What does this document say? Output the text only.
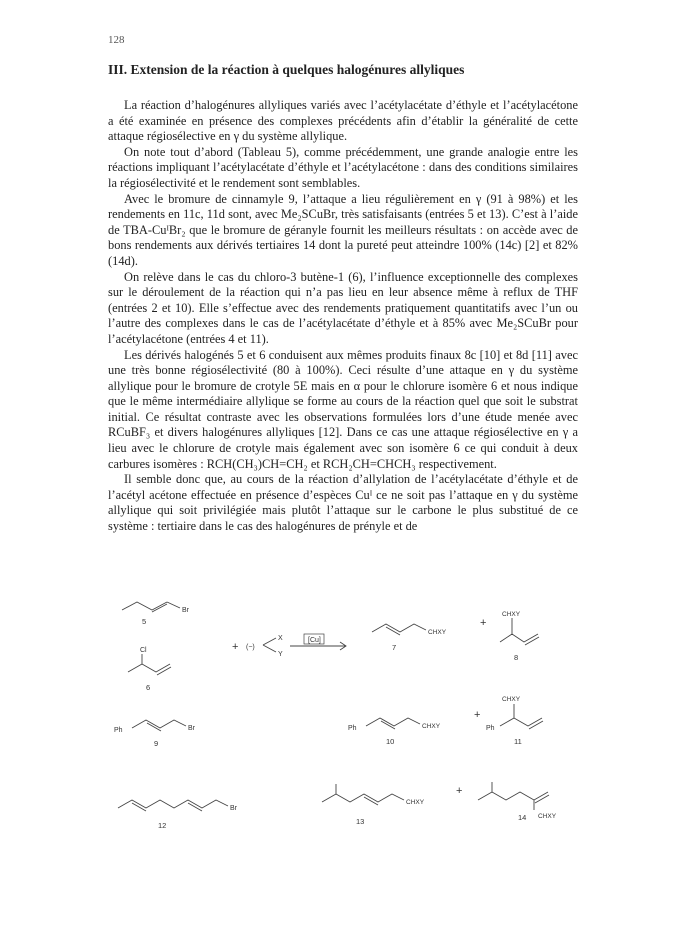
128
III. Extension de la réaction à quelques halogénures allyliques

La réaction d’halogénures allyliques variés avec l’acétylacétate d’éthyle et l’acétylacétone a été examinée en présence des complexes précédents afin d’établir la généralité de cette attaque régiosélective en γ du système allylique.

On note tout d’abord (Tableau 5), comme précédemment, une grande analogie entre les réactions impliquant l’acétylacétate d’éthyle et l’acétylacétone : dans des conditions similaires la régiosélectivité et le rendement sont semblables.

Avec le bromure de cinnamyle 9, l’attaque a lieu régulièrement en γ (91 à 98%) et les rendements en 11c, 11d sont, avec Me₂SCuBr, très satisfaisants (entrées 5 et 13). C’est à l’aide de TBA-CuᴵBr₂ que le bromure de géranyle fournit les meilleurs résultats : on accède avec de bons rendements aux dérivés tertiaires 14 dont la pureté peut atteindre 100% (14c) [2] et 82% (14d).

On relève dans le cas du chloro-3 butène-1 (6), l’influence exceptionnelle des complexes sur le déroulement de la réaction qui n’a pas lieu en leur absence même à reflux de THF (entrées 2 et 10). Elle s’effectue avec des rendements pratiquement quantitatifs avec l’un ou l’autre des complexes dans le cas de l’acétylacétate d’éthyle et à 85% avec Me₂SCuBr pour l’acétylacétone (entrées 4 et 11).

Les dérivés halogénés 5 et 6 conduisent aux mêmes produits finaux 8c [10] et 8d [11] avec une très bonne régiosélectivité (80 à 100%). Ceci résulte d’une attaque en γ du système allylique pour le bromure de crotyle 5E mais en α pour le chlorure isomère 6 et nous indique que le même intermédiaire allylique se forme au cours de la réaction quel que soit le substrat initial. Ce résultat contraste avec les observations formulées lors d’une étude menée avec RCuBF₃ et divers halogénures allyliques [12]. Dans ce cas une attaque régiosélective en γ a lieu avec le chlorure de crotyle mais également avec son isomère 6 ce qui conduit à deux carbures isomères : RCH(CH₃)CH=CH₂ et RCH₂CH=CHCH₃ respectivement.

Il semble donc que, au cours de la réaction d’allylation de l’acétylacétate d’éthyle et de l’acétyl acétone effectuée en présence d’espèces Cuᴵ ce ne soit pas l’attaque en γ du système allylique qui soit privilégiée mais plutôt l’attaque sur le carbone le plus substitué de ce système : tertiaire dans le cas des halogénures de prényle et de

Br
Cl
Ph	Br	Ph	Ph
Br
CHXY
CHXY
CHXY
CHXY
CHXY
CHXY
(−)
X
Y
[Cu]
+
+
+
+
5
6
7
8
9	10	11
12	13	14
